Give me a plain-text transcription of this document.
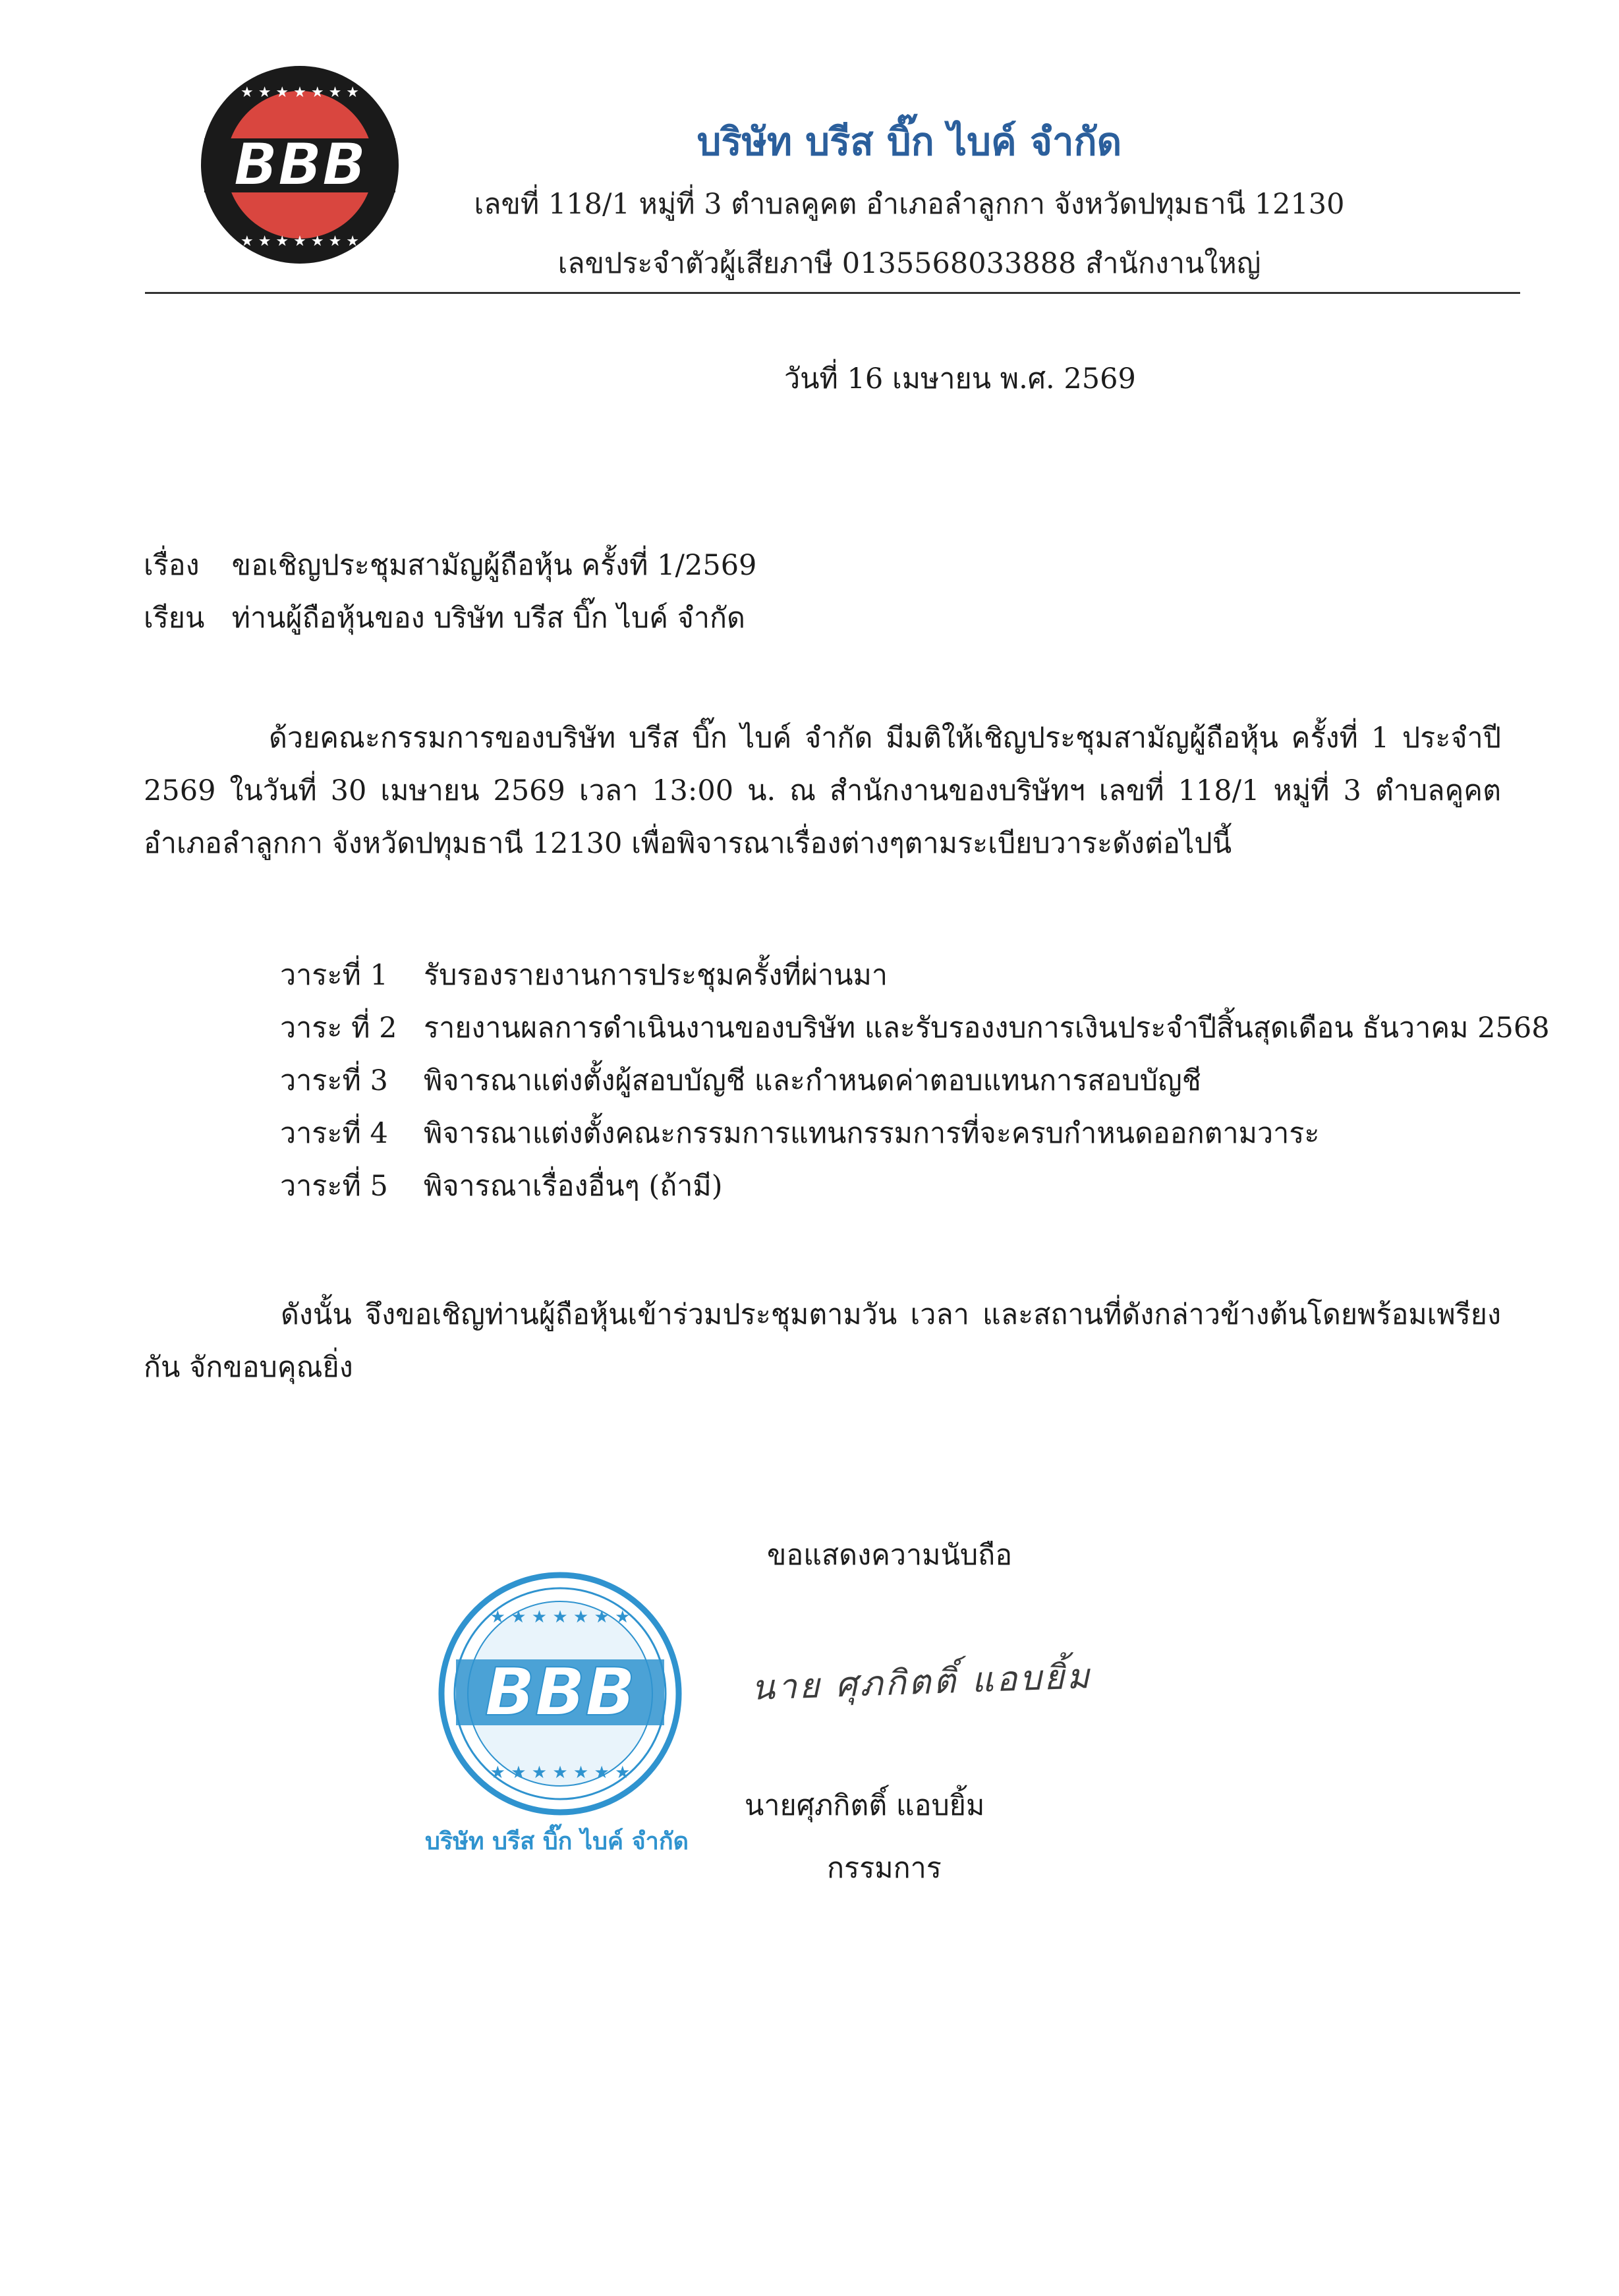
★ ★ ★ ★ ★ ★ ★
★ ★ ★ ★ ★ ★ ★
BBB	บริษัท บรีส บิ๊ก ไบค์ จำกัด
เลขที่ 118/1 หมู่ที่ 3 ตำบลคูคต อำเภอลำลูกกา จังหวัดปทุมธานี 12130
เลขประจำตัวผู้เสียภาษี 0135568033888 สำนักงานใหญ่
วันที่ 16 เมษายน พ.ศ. 2569
เรื่อง ขอเชิญประชุมสามัญผู้ถือหุ้น ครั้งที่ 1/2569
เรียน ท่านผู้ถือหุ้นของ บริษัท บรีส บิ๊ก ไบค์ จำกัด
ด้วยคณะกรรมการของบริษัท บรีส บิ๊ก ไบค์ จำกัด มีมติให้เชิญประชุมสามัญผู้ถือหุ้น ครั้งที่ 1 ประจำปี 2569 ในวันที่ 30 เมษายน 2569 เวลา 13:00 น. ณ สำนักงานของบริษัทฯ เลขที่ 118/1 หมู่ที่ 3 ตำบลคูคต อำเภอลำลูกกา จังหวัดปทุมธานี 12130 เพื่อพิจารณาเรื่องต่างๆตามระเบียบวาระดังต่อไปนี้
วาระที่ 1 รับรองรายงานการประชุมครั้งที่ผ่านมา
วาระ ที่ 2 รายงานผลการดำเนินงานของบริษัท และรับรองงบการเงินประจำปีสิ้นสุดเดือน ธันวาคม 2568
วาระที่ 3 พิจารณาแต่งตั้งผู้สอบบัญชี และกำหนดค่าตอบแทนการสอบบัญชี
วาระที่ 4 พิจารณาแต่งตั้งคณะกรรมการแทนกรรมการที่จะครบกำหนดออกตามวาระ
วาระที่ 5 พิจารณาเรื่องอื่นๆ (ถ้ามี)
ดังนั้น จึงขอเชิญท่านผู้ถือหุ้นเข้าร่วมประชุมตามวัน เวลา และสถานที่ดังกล่าวข้างต้นโดยพร้อมเพรียงกัน จักขอบคุณยิ่ง
ขอแสดงความนับถือ
นาย ศุภกิตติ์ แอบยิ้ม
นายศุภกิตติ์ แอบยิ้ม
กรรมการ
★ ★ ★ ★ ★ ★ ★
★ ★ ★ ★ ★ ★ ★
BBB
บริษัท บรีส บิ๊ก ไบค์ จำกัด
